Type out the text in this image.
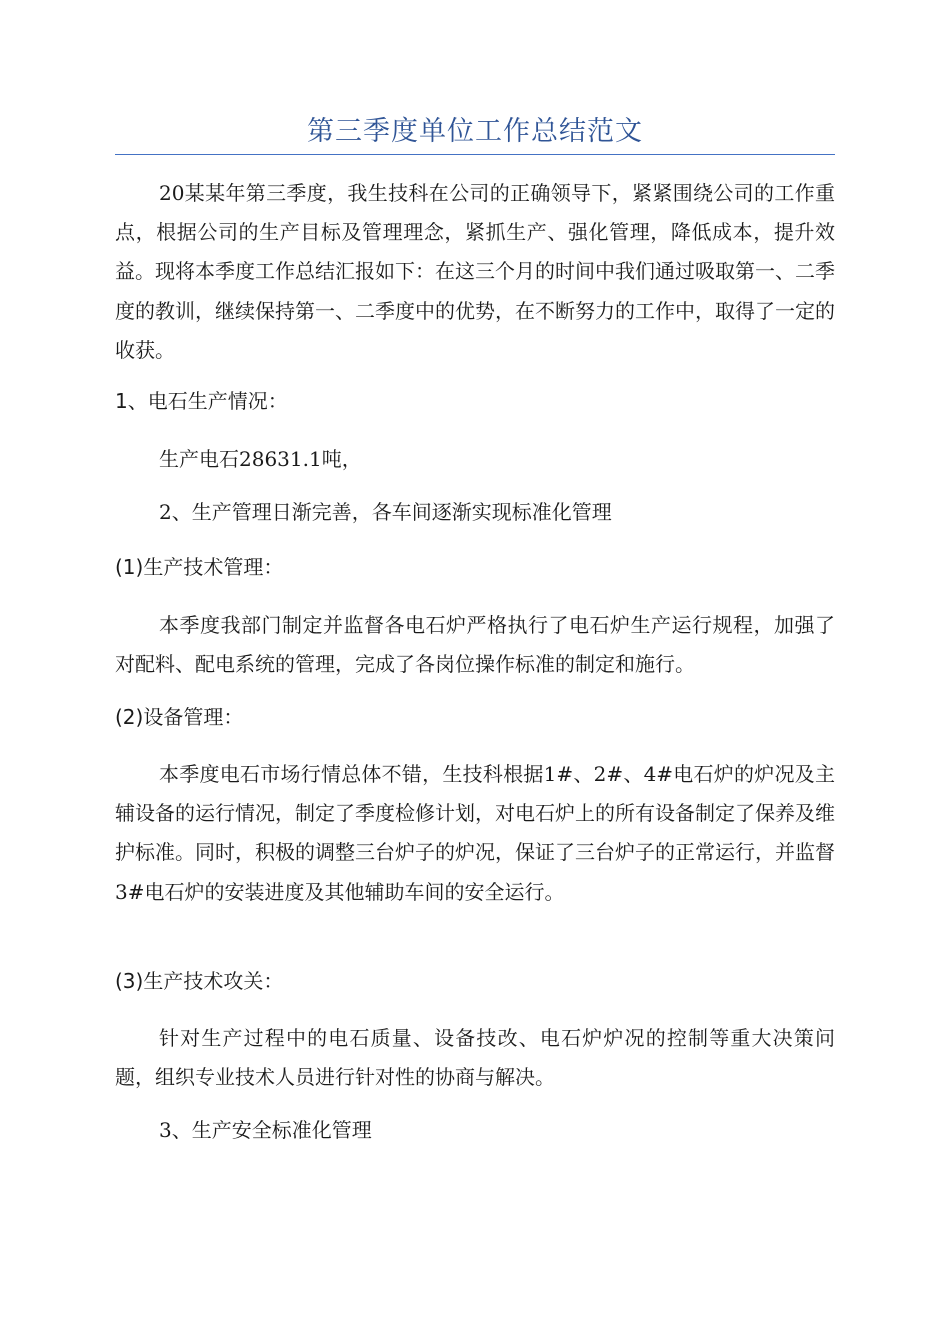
第三季度单位工作总结范文

20某某年第三季度，我生技科在公司的正确领导下，紧紧围绕公司的工作重点，根据公司的生产目标及管理理念，紧抓生产、强化管理，降低成本，提升效益。现将本季度工作总结汇报如下：在这三个月的时间中我们通过吸取第一、二季度的教训，继续保持第一、二季度中的优势，在不断努力的工作中，取得了一定的收获。

1、电石生产情况：

生产电石28631.1吨，

2、生产管理日渐完善，各车间逐渐实现标准化管理

(1)生产技术管理：

本季度我部门制定并监督各电石炉严格执行了电石炉生产运行规程，加强了对配料、配电系统的管理，完成了各岗位操作标准的制定和施行。

(2)设备管理：

本季度电石市场行情总体不错，生技科根据1#、2#、4#电石炉的炉况及主辅设备的运行情况，制定了季度检修计划，对电石炉上的所有设备制定了保养及维护标准。同时，积极的调整三台炉子的炉况，保证了三台炉子的正常运行，并监督3#电石炉的安装进度及其他辅助车间的安全运行。

(3)生产技术攻关：

针对生产过程中的电石质量、设备技改、电石炉炉况的控制等重大决策问题，组织专业技术人员进行针对性的协商与解决。

3、生产安全标准化管理
